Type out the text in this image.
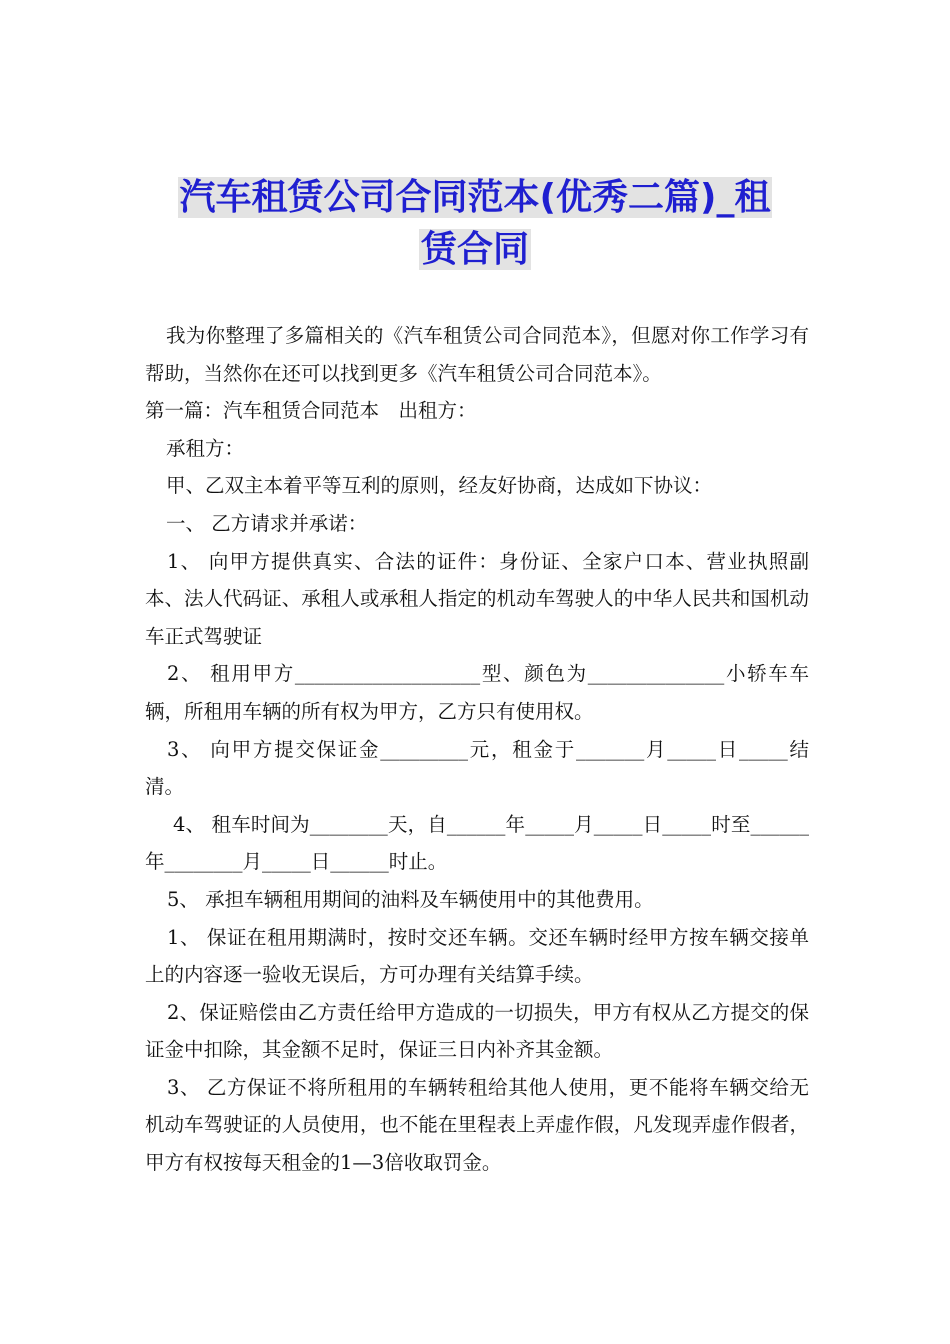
汽车租赁公司合同范本(优秀二篇)_租
赁合同

我为你整理了多篇相关的《汽车租赁公司合同范本》，但愿对你工作学习有帮助，当然你在还可以找到更多《汽车租赁公司合同范本》。

第一篇：汽车租赁合同范本　出租方：

承租方：

甲、乙双主本着平等互利的原则，经友好协商，达成如下协议：

一、 乙方请求并承诺：

1、 向甲方提供真实、合法的证件：身份证、全家户口本、营业执照副本、法人代码证、承租人或承租人指定的机动车驾驶人的中华人民共和国机动车正式驾驶证

2、 租用甲方___________________型、颜色为______________小轿车车 辆，所租用车辆的所有权为甲方，乙方只有使用权。

3、 向甲方提交保证金_________元，租金于_______月_____日_____结清。

4、 租车时间为________天，自______年_____月_____日_____时至______ 年________月_____日______时止。

5、 承担车辆租用期间的油料及车辆使用中的其他费用。

1、 保证在租用期满时，按时交还车辆。交还车辆时经甲方按车辆交接单上的内容逐一验收无误后，方可办理有关结算手续。

2、保证赔偿由乙方责任给甲方造成的一切损失，甲方有权从乙方提交的保证金中扣除，其金额不足时，保证三日内补齐其金额。

3、 乙方保证不将所租用的车辆转租给其他人使用，更不能将车辆交给无机动车驾驶证的人员使用，也不能在里程表上弄虚作假，凡发现弄虚作假者，甲方有权按每天租金的1—3倍收取罚金。
